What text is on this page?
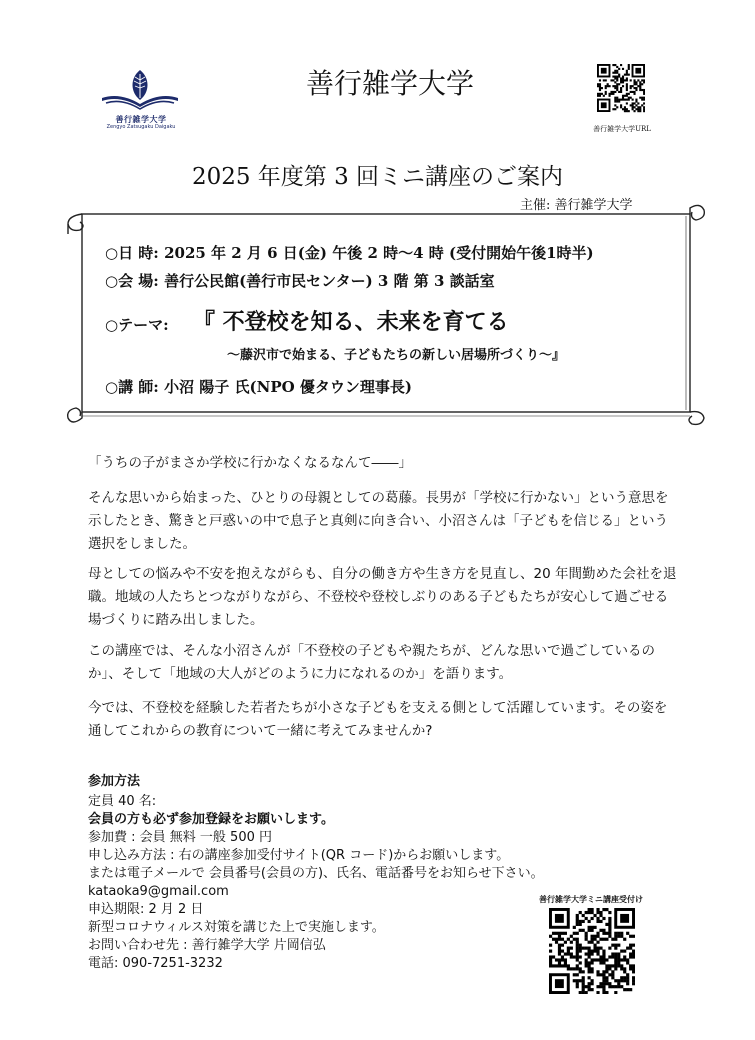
善行雑学大学
Zengyo Zatsugaku Daigaku
善行雑学大学
善行雑学大学URL
2025 年度第 3 回ミニ講座のご案内
主催: 善行雑学大学
○日 時: 2025 年 2 月 6 日(金) 午後 2 時～4 時 (受付開始午後1時半)
○会 場: 善行公民館(善行市民センター) 3 階 第 3 談話室
○テーマ: 『 不登校を知る、未来を育てる
～藤沢市で始まる、子どもたちの新しい居場所づくり～』
○講 師: 小沼 陽子 氏(NPO 優タウン理事長)
「うちの子がまさか学校に行かなくなるなんて――」
そんな思いから始まった、ひとりの母親としての葛藤。長男が「学校に行かない」という意思を示したとき、驚きと戸惑いの中で息子と真剣に向き合い、小沼さんは「子どもを信じる」という選択をしました。
母としての悩みや不安を抱えながらも、自分の働き方や生き方を見直し、20 年間勤めた会社を退職。地域の人たちとつながりながら、不登校や登校しぶりのある子どもたちが安心して過ごせる場づくりに踏み出しました。
この講座では、そんな小沼さんが「不登校の子どもや親たちが、どんな思いで過ごしているのか」、そして「地域の大人がどのように力になれるのか」を語ります。
今では、不登校を経験した若者たちが小さな子どもを支える側として活躍しています。その姿を通してこれからの教育について一緒に考えてみませんか?
参加方法
定員 40 名:
会員の方も必ず参加登録をお願いします。
参加費 : 会員 無料 一般 500 円
申し込み方法 : 右の講座参加受付サイト(QR コード)からお願いします。
または電子メールで 会員番号(会員の方)、氏名、電話番号をお知らせ下さい。
kataoka9@gmail.com
申込期限: 2 月 2 日
新型コロナウィルス対策を講じた上で実施します。
お問い合わせ先 : 善行雑学大学 片岡信弘
電話: 090-7251-3232
善行雑学大学ミニ講座受付け
